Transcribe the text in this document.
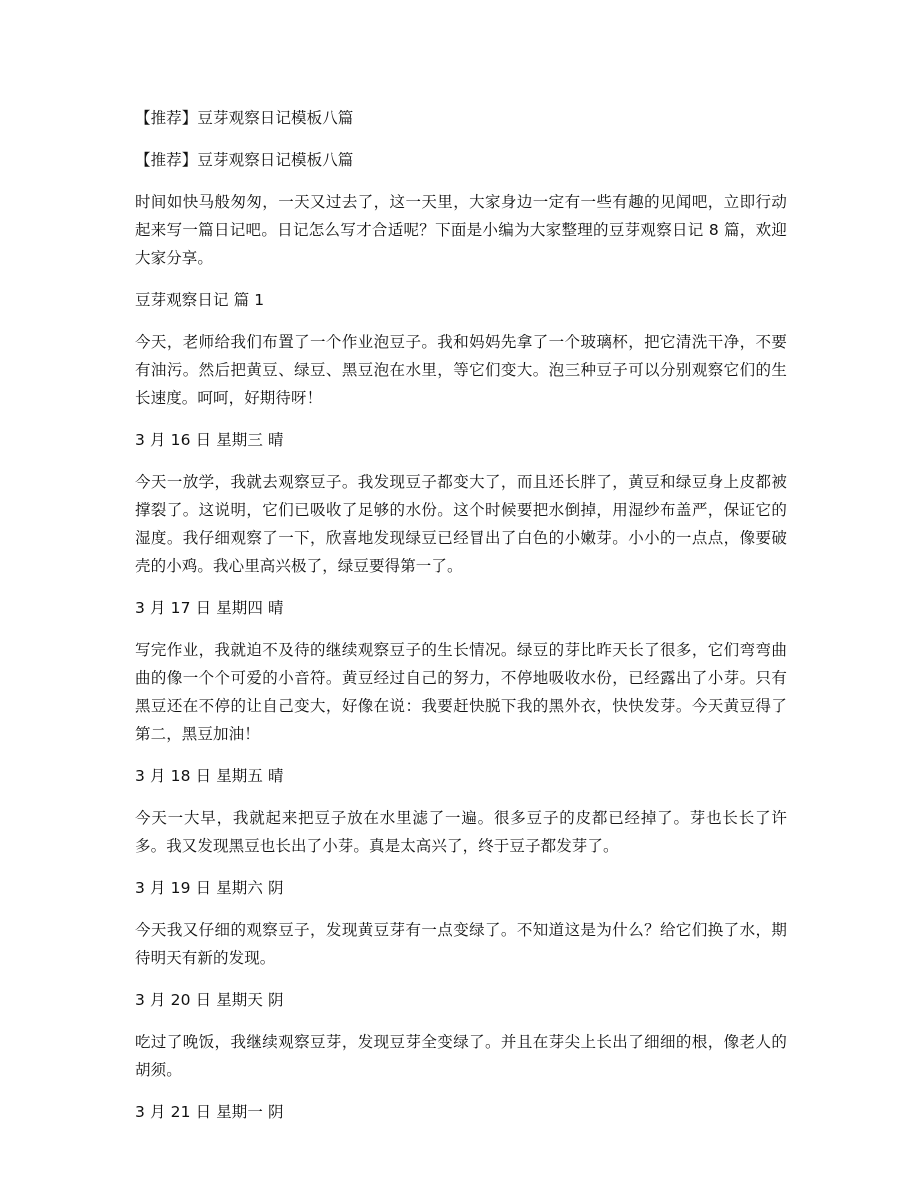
【推荐】豆芽观察日记模板八篇

【推荐】豆芽观察日记模板八篇

时间如快马般匆匆，一天又过去了，这一天里，大家身边一定有一些有趣的见闻吧，立即行动起来写一篇日记吧。日记怎么写才合适呢？下面是小编为大家整理的豆芽观察日记 8 篇，欢迎大家分享。

豆芽观察日记 篇 1

今天，老师给我们布置了一个作业泡豆子。我和妈妈先拿了一个玻璃杯，把它清洗干净，不要有油污。然后把黄豆、绿豆、黑豆泡在水里，等它们变大。泡三种豆子可以分别观察它们的生长速度。呵呵，好期待呀！

3 月 16 日 星期三 晴

今天一放学，我就去观察豆子。我发现豆子都变大了，而且还长胖了，黄豆和绿豆身上皮都被撑裂了。这说明，它们已吸收了足够的水份。这个时候要把水倒掉，用湿纱布盖严，保证它的湿度。我仔细观察了一下，欣喜地发现绿豆已经冒出了白色的小嫩芽。小小的一点点，像要破壳的小鸡。我心里高兴极了，绿豆要得第一了。

3 月 17 日 星期四 晴

写完作业，我就迫不及待的继续观察豆子的生长情况。绿豆的芽比昨天长了很多，它们弯弯曲曲的像一个个可爱的小音符。黄豆经过自己的努力，不停地吸收水份，已经露出了小芽。只有黑豆还在不停的让自己变大，好像在说：我要赶快脱下我的黑外衣，快快发芽。今天黄豆得了第二，黑豆加油！

3 月 18 日 星期五 晴

今天一大早，我就起来把豆子放在水里滤了一遍。很多豆子的皮都已经掉了。芽也长长了许多。我又发现黑豆也长出了小芽。真是太高兴了，终于豆子都发芽了。

3 月 19 日 星期六 阴

今天我又仔细的观察豆子，发现黄豆芽有一点变绿了。不知道这是为什么？给它们换了水，期待明天有新的发现。

3 月 20 日 星期天 阴

吃过了晚饭，我继续观察豆芽，发现豆芽全变绿了。并且在芽尖上长出了细细的根，像老人的胡须。

3 月 21 日 星期一 阴
